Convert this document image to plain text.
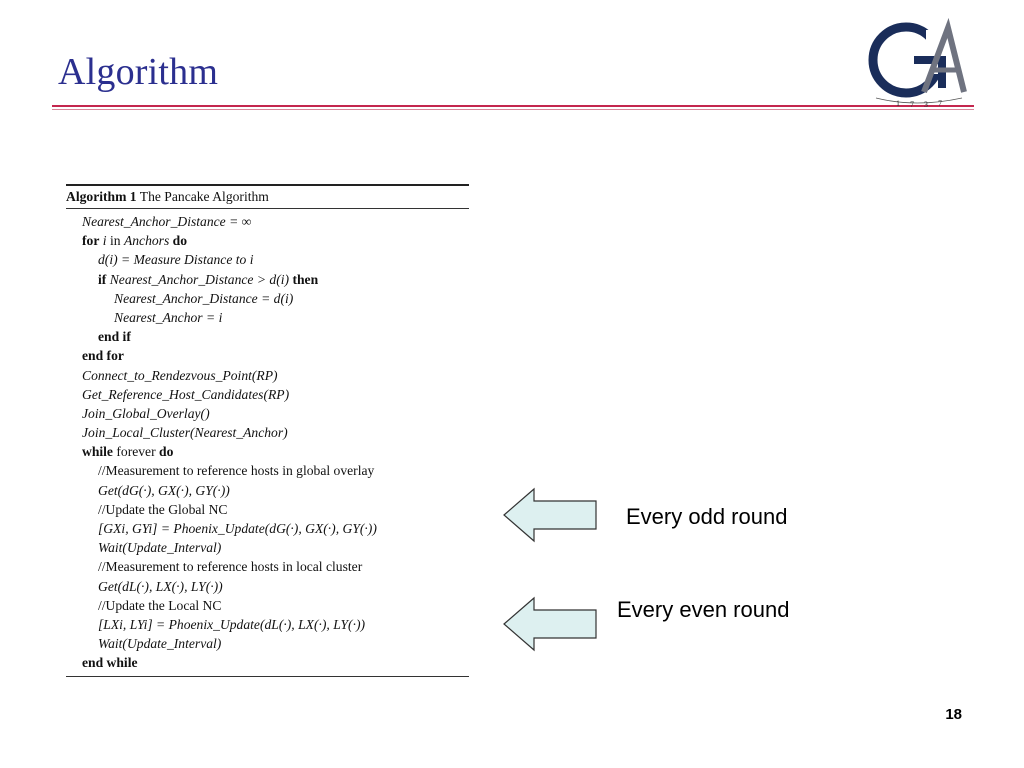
Algorithm
1 7 3 7
Algorithm 1 The Pancake Algorithm
Nearest_Anchor_Distance = ∞
for i in Anchors do
d(i) = Measure Distance to i
if Nearest_Anchor_Distance > d(i) then
Nearest_Anchor_Distance = d(i)
Nearest_Anchor = i
end if
end for
Connect_to_Rendezvous_Point(RP)
Get_Reference_Host_Candidates(RP)
Join_Global_Overlay()
Join_Local_Cluster(Nearest_Anchor)
while forever do
//Measurement to reference hosts in global overlay
Get(dG(·), GX(·), GY(·))
//Update the Global NC
[GXi, GYi] = Phoenix_Update(dG(·), GX(·), GY(·))
Wait(Update_Interval)
//Measurement to reference hosts in local cluster
Get(dL(·), LX(·), LY(·))
//Update the Local NC
[LXi, LYi] = Phoenix_Update(dL(·), LX(·), LY(·))
Wait(Update_Interval)
end while
Every odd round
Every even round
18
